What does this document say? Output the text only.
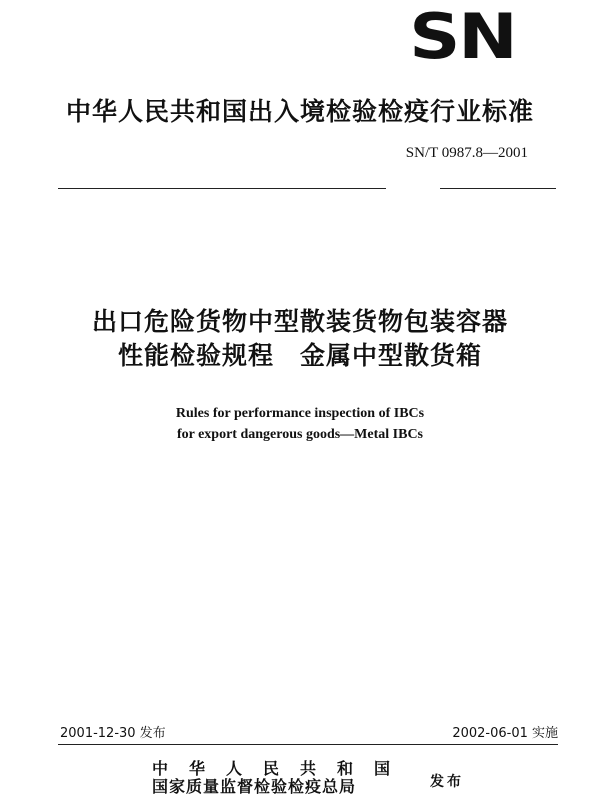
SN
中华人民共和国出入境检验检疫行业标准
SN/T 0987.8—2001
出口危险货物中型散装货物包装容器
性能检验规程　金属中型散货箱
Rules for performance inspection of IBCs
for export dangerous goods—Metal IBCs
2001-12-30 发布	2002-06-01 实施
中华人民共和国
国家质量监督检验检疫总局	发布
